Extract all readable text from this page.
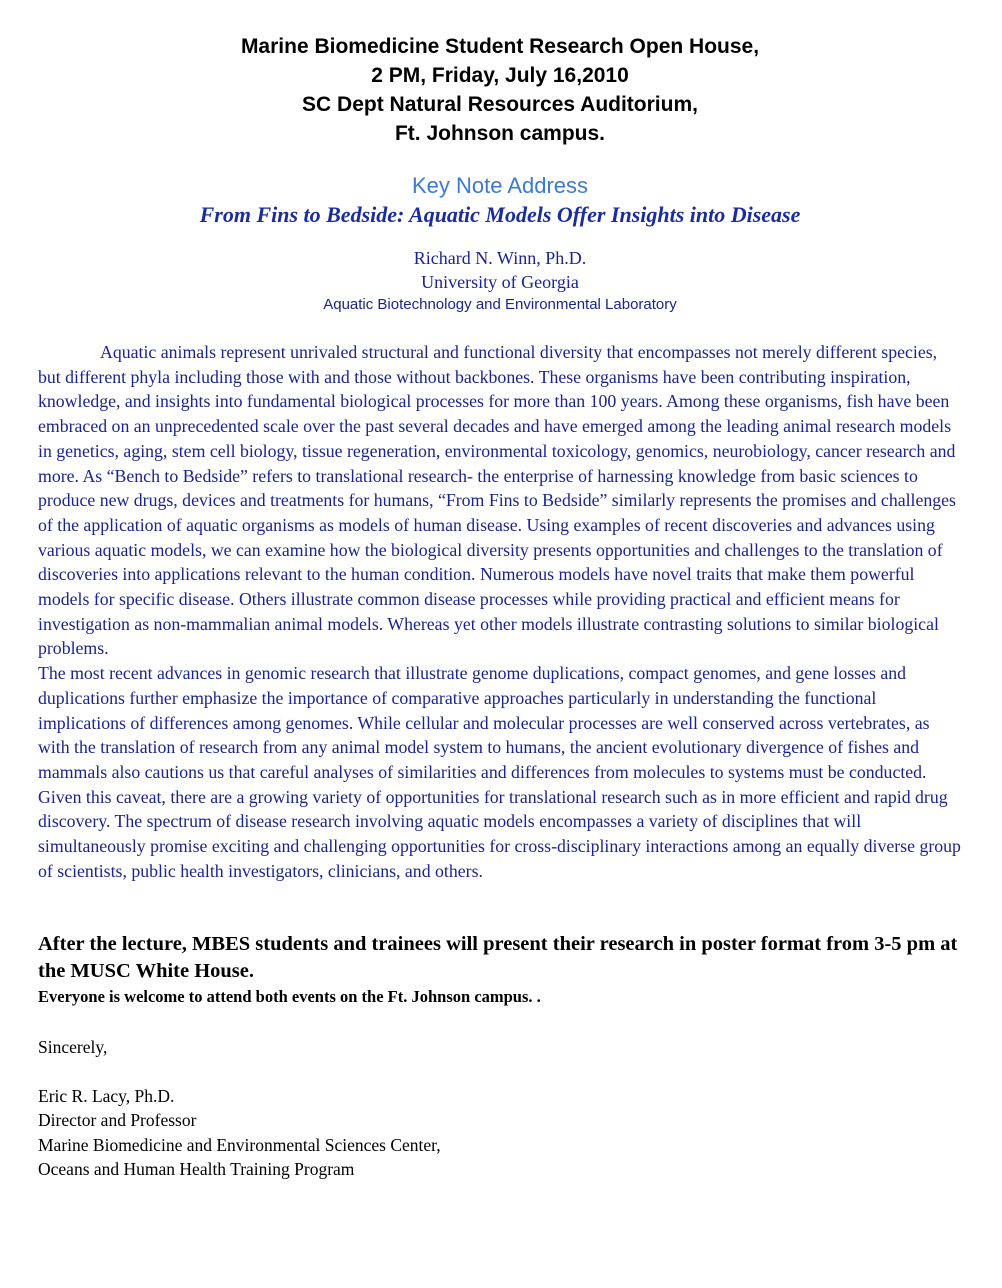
Marine Biomedicine Student Research Open House,
2 PM, Friday, July 16,2010
SC Dept Natural Resources Auditorium,
Ft. Johnson campus.
Key Note Address
From Fins to Bedside: Aquatic Models Offer Insights into Disease
Richard N. Winn, Ph.D.
University of Georgia
Aquatic Biotechnology and Environmental Laboratory

Aquatic animals represent unrivaled structural and functional diversity that encompasses not merely different species, but different phyla including those with and those without backbones. These organisms have been contributing inspiration, knowledge, and insights into fundamental biological processes for more than 100 years. Among these organisms, fish have been embraced on an unprecedented scale over the past several decades and have emerged among the leading animal research models in genetics, aging, stem cell biology, tissue regeneration, environmental toxicology, genomics, neurobiology, cancer research and more. As “Bench to Bedside” refers to translational research- the enterprise of harnessing knowledge from basic sciences to produce new drugs, devices and treatments for humans, “From Fins to Bedside” similarly represents the promises and challenges of the application of aquatic organisms as models of human disease. Using examples of recent discoveries and advances using various aquatic models, we can examine how the biological diversity presents opportunities and challenges to the translation of discoveries into applications relevant to the human condition. Numerous models have novel traits that make them powerful models for specific disease. Others illustrate common disease processes while providing practical and efficient means for investigation as non-mammalian animal models. Whereas yet other models illustrate contrasting solutions to similar biological problems.

The most recent advances in genomic research that illustrate genome duplications, compact genomes, and gene losses and duplications further emphasize the importance of comparative approaches particularly in understanding the functional implications of differences among genomes. While cellular and molecular processes are well conserved across vertebrates, as with the translation of research from any animal model system to humans, the ancient evolutionary divergence of fishes and mammals also cautions us that careful analyses of similarities and differences from molecules to systems must be conducted. Given this caveat, there are a growing variety of opportunities for translational research such as in more efficient and rapid drug discovery. The spectrum of disease research involving aquatic models encompasses a variety of disciplines that will simultaneously promise exciting and challenging opportunities for cross-disciplinary interactions among an equally diverse group of scientists, public health investigators, clinicians, and others.

After the lecture, MBES students and trainees will present their research in poster format from 3-5 pm at the MUSC White House.
Everyone is welcome to attend both events on the Ft. Johnson campus. .
Sincerely,
Eric R. Lacy, Ph.D.
Director and Professor
Marine Biomedicine and Environmental Sciences Center,
Oceans and Human Health Training Program
